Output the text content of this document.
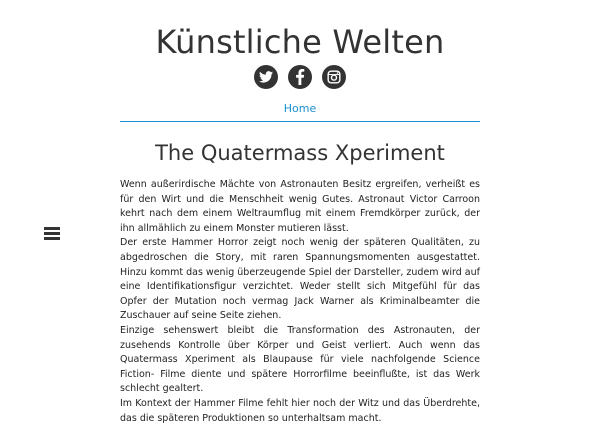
Künstliche Welten
Home
The Quatermass Xperiment

Wenn außerirdische Mächte von Astronauten Besitz ergreifen, verheißt es für den Wirt und die Menschheit wenig Gutes. Astronaut Victor Carroon kehrt nach dem einem Weltraumflug mit einem Fremdkörper zurück, der ihn allmählich zu einem Monster mutieren lässt.

Der erste Hammer Horror zeigt noch wenig der späteren Qualitäten, zu abgedroschen die Story, mit raren Spannungsmomenten ausgestattet. Hinzu kommt das wenig überzeugende Spiel der Darsteller, zudem wird auf eine Identifikationsfigur verzichtet. Weder stellt sich Mitgefühl für das Opfer der Mutation noch vermag Jack Warner als Kriminalbeamter die Zuschauer auf seine Seite ziehen.

Einzige sehenswert bleibt die Transformation des Astronauten, der zusehends Kontrolle über Körper und Geist verliert. Auch wenn das Quatermass Xperiment als Blaupause für viele nachfolgende Science Fiction- Filme diente und spätere Horrorfilme beeinflußte, ist das Werk schlecht gealtert.

Im Kontext der Hammer Filme fehlt hier noch der Witz und das Überdrehte, das die späteren Produktionen so unterhaltsam macht.
